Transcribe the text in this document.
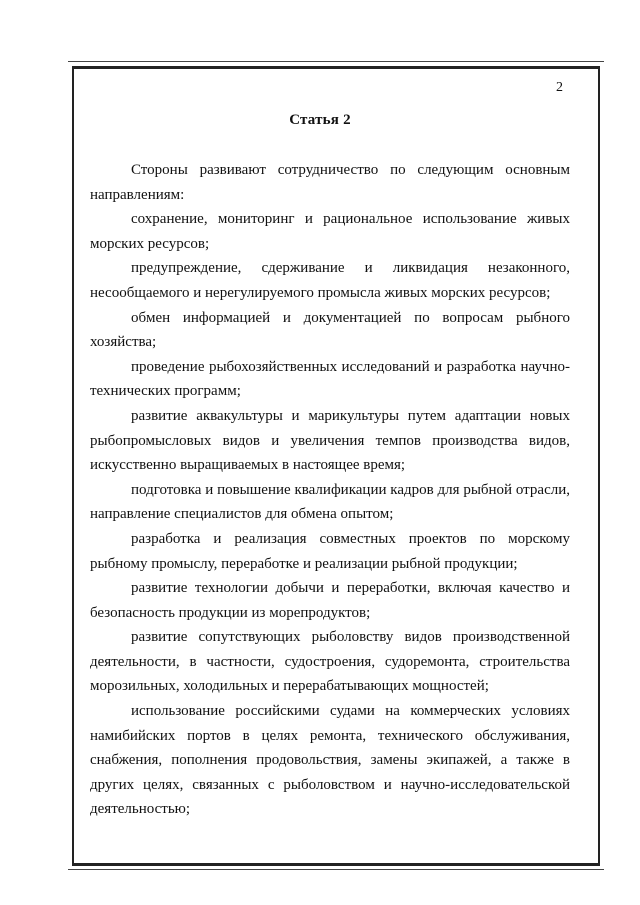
2
Статья 2

Стороны развивают сотрудничество по следующим основным направлениям:

сохранение, мониторинг и рациональное использование живых морских ресурсов;

предупреждение, сдерживание и ликвидация незаконного, несообщаемого и нерегулируемого промысла живых морских ресурсов;

обмен информацией и документацией по вопросам рыбного хозяйства;

проведение рыбохозяйственных исследований и разработка научно-технических программ;

развитие аквакультуры и марикультуры путем адаптации новых рыбопромысловых видов и увеличения темпов производства видов, искусственно выращиваемых в настоящее время;

подготовка и повышение квалификации кадров для рыбной отрасли, направление специалистов для обмена опытом;

разработка и реализация совместных проектов по морскому рыбному промыслу, переработке и реализации рыбной продукции;

развитие технологии добычи и переработки, включая качество и безопасность продукции из морепродуктов;

развитие сопутствующих рыболовству видов производственной деятельности, в частности, судостроения, судоремонта, строительства морозильных, холодильных и перерабатывающих мощностей;

использование российскими судами на коммерческих условиях намибийских портов в целях ремонта, технического обслуживания, снабжения, пополнения продовольствия, замены экипажей, а также в других целях, связанных с рыболовством и научно-исследовательской деятельностью;
